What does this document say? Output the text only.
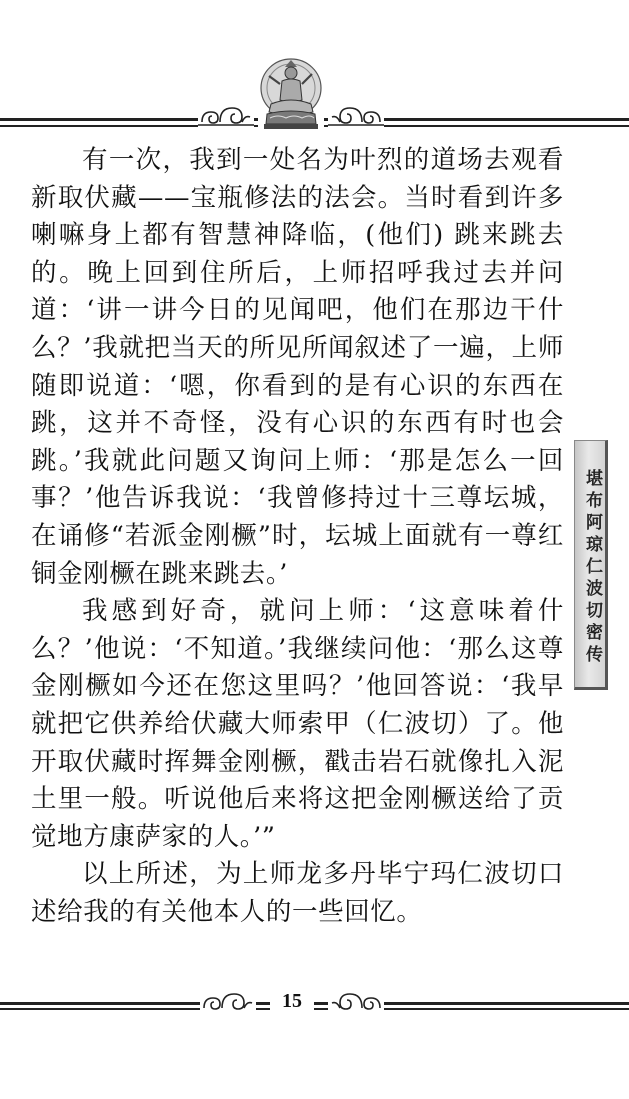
有一次，我到一处名为叶烈的道场去观看新取伏藏——宝瓶修法的法会。当时看到许多喇嘛身上都有智慧神降临，(他们) 跳来跳去的。晚上回到住所后，上师招呼我过去并问道：‘讲一讲今日的见闻吧，他们在那边干什么？’我就把当天的所见所闻叙述了一遍，上师随即说道：‘嗯，你看到的是有心识的东西在跳，这并不奇怪，没有心识的东西有时也会跳。’我就此问题又询问上师：‘那是怎么一回事？’他告诉我说：‘我曾修持过十三尊坛城，在诵修“若派金刚橛”时，坛城上面就有一尊红铜金刚橛在跳来跳去。’

我感到好奇，就问上师：‘这意味着什么？’他说：‘不知道。’我继续问他：‘那么这尊金刚橛如今还在您这里吗？’他回答说：‘我早就把它供养给伏藏大师索甲（仁波切）了。他开取伏藏时挥舞金刚橛，戳击岩石就像扎入泥土里一般。听说他后来将这把金刚橛送给了贡觉地方康萨家的人。’”

以上所述，为上师龙多丹毕宁玛仁波切口述给我的有关他本人的一些回忆。

堪布阿琼仁波切密传
15
